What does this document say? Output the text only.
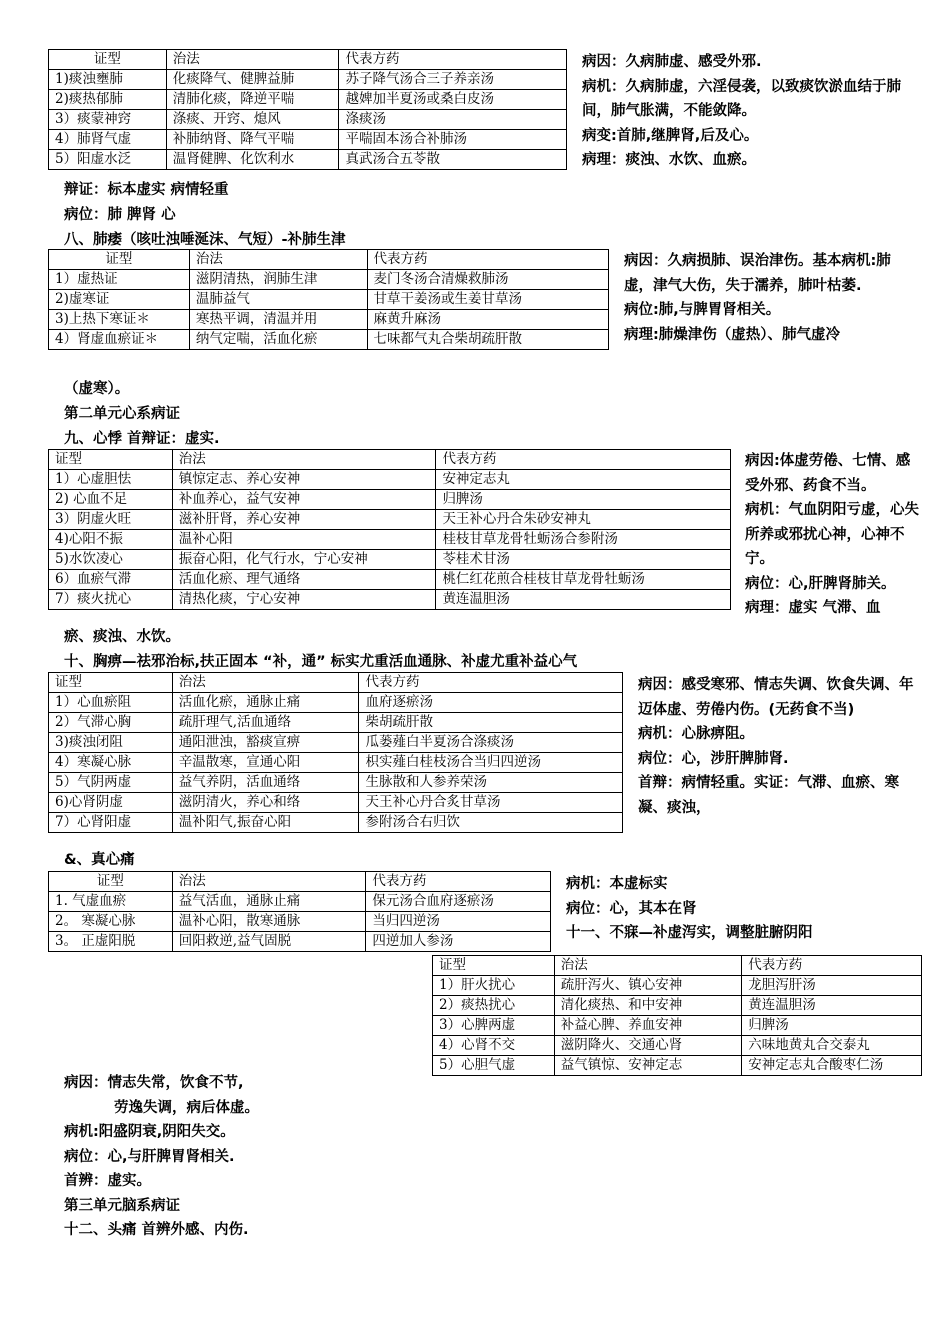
证型	治法	代表方药
1)痰浊壅肺	化痰降气、健脾益肺	苏子降气汤合三子养亲汤
2)痰热郁肺	清肺化痰，降逆平喘	越婢加半夏汤或桑白皮汤
3）痰蒙神窍	涤痰、开窍、熄风	涤痰汤
4）肺肾气虚	补肺纳肾、降气平喘	平喘固本汤合补肺汤
5）阳虚水泛	温肾健脾、化饮利水	真武汤合五苓散

病因：久病肺虚、感受外邪.

病机：久病肺虚，六淫侵袭，以致痰饮淤血结于肺间，肺气胀满，不能敛降。

病变:首肺,继脾肾,后及心。

病理：痰浊、水饮、血瘀。

辩证：标本虚实 病情轻重
病位：肺 脾肾 心
八、肺痿（咳吐浊唾涎沫、气短）-补肺生津
证型	治法	代表方药
1）虚热证	滋阴清热，润肺生津	麦门冬汤合清燥救肺汤
2)虚寒证	温肺益气	甘草干姜汤或生姜甘草汤
3)上热下寒证＊	寒热平调，清温并用	麻黄升麻汤
4）肾虚血瘀证＊	纳气定喘，活血化瘀	七味都气丸合柴胡疏肝散

病因：久病损肺、误治津伤。基本病机:肺虚，津气大伤，失于濡养，肺叶枯萎.

病位:肺,与脾胃肾相关。

病理:肺燥津伤（虚热）、肺气虚冷

（虚寒）。
第二单元心系病证
九、心悸 首辩证：虚实.
证型	治法	代表方药
1）心虚胆怯	镇惊定志、养心安神	安神定志丸
2) 心血不足	补血养心，益气安神	归脾汤
3）阴虚火旺	滋补肝肾，养心安神	天王补心丹合朱砂安神丸
4)心阳不振	温补心阳	桂枝甘草龙骨牡蛎汤合参附汤
5)水饮凌心	振奋心阳，化气行水，宁心安神	苓桂术甘汤
6）血瘀气滞	活血化瘀、理气通络	桃仁红花煎合桂枝甘草龙骨牡蛎汤
7）痰火扰心	清热化痰，宁心安神	黄连温胆汤

病因:体虚劳倦、七情、感受外邪、药食不当。

病机：气血阴阳亏虚，心失所养或邪扰心神，心神不宁。

病位：心,肝脾肾肺关。

病理：虚实 气滞、血

瘀、痰浊、水饮。
十、胸痹—祛邪治标,扶正固本 “补，通” 标实尤重活血通脉、补虚尤重补益心气
证型	治法	代表方药
1）心血瘀阻	活血化瘀，通脉止痛	血府逐瘀汤
2）气滞心胸	疏肝理气,活血通络	柴胡疏肝散
3)痰浊闭阻	通阳泄浊，豁痰宣痹	瓜蒌薤白半夏汤合涤痰汤
4）寒凝心脉	辛温散寒，宣通心阳	枳实薤白桂枝汤合当归四逆汤
5）气阴两虚	益气养阴，活血通络	生脉散和人参养荣汤
6)心肾阴虚	滋阴清火，养心和络	天王补心丹合炙甘草汤
7）心肾阳虚	温补阳气,振奋心阳	参附汤合右归饮

病因：感受寒邪、情志失调、饮食失调、年迈体虚、劳倦内伤。(无药食不当)

病机：心脉痹阻。

病位：心，涉肝脾肺肾.

首辩：病情轻重。实证：气滞、血瘀、寒凝、痰浊，

&、真心痛
证型	治法	代表方药
1. 气虚血瘀	益气活血，通脉止痛	保元汤合血府逐瘀汤
2。 寒凝心脉	温补心阳，散寒通脉	当归四逆汤
3。 正虚阳脱	回阳救逆,益气固脱	四逆加人参汤

病机：本虚标实

病位：心，其本在肾

十一、不寐—补虚泻实，调整脏腑阴阳

证型	治法	代表方药
1）肝火扰心	疏肝泻火、镇心安神	龙胆泻肝汤
2）痰热扰心	清化痰热、和中安神	黄连温胆汤
3）心脾两虚	补益心脾、养血安神	归脾汤
4）心肾不交	滋阴降火、交通心肾	六味地黄丸合交泰丸
5）心胆气虚	益气镇惊、安神定志	安神定志丸合酸枣仁汤

病因：情志失常，饮食不节,

劳逸失调，病后体虚。

病机:阳盛阴衰,阴阳失交。

病位：心,与肝脾胃肾相关.

首辨：虚实。

第三单元脑系病证

十二、头痛 首辨外感、内伤.
